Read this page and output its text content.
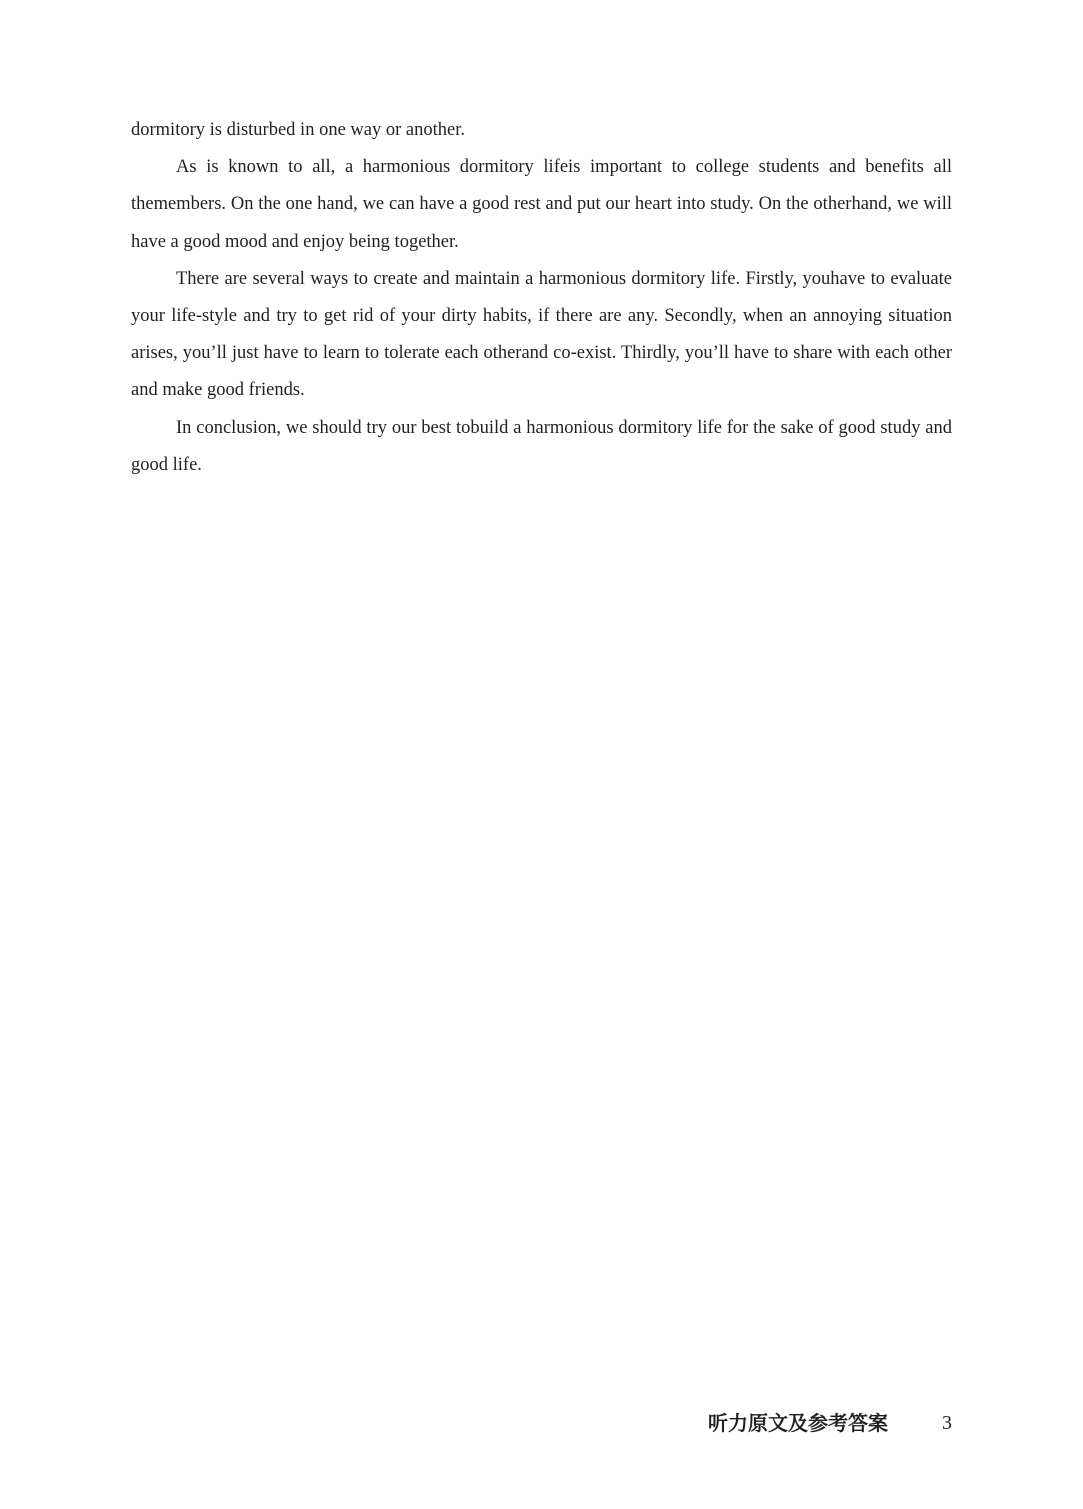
dormitory is disturbed in one way or another.

As is known to all, a harmonious dormitory lifeis important to college students and benefits all themembers. On the one hand, we can have a good rest and put our heart into study. On the otherhand, we will have a good mood and enjoy being together.

There are several ways to create and maintain a harmonious dormitory life. Firstly, youhave to evaluate your life-style and try to get rid of your dirty habits, if there are any. Secondly, when an annoying situation arises, you’ll just have to learn to tolerate each otherand co-exist. Thirdly, you’ll have to share with each other and make good friends.

In conclusion, we should try our best tobuild a harmonious dormitory life for the sake of good study and good life.

听力原文及参考答案	3
